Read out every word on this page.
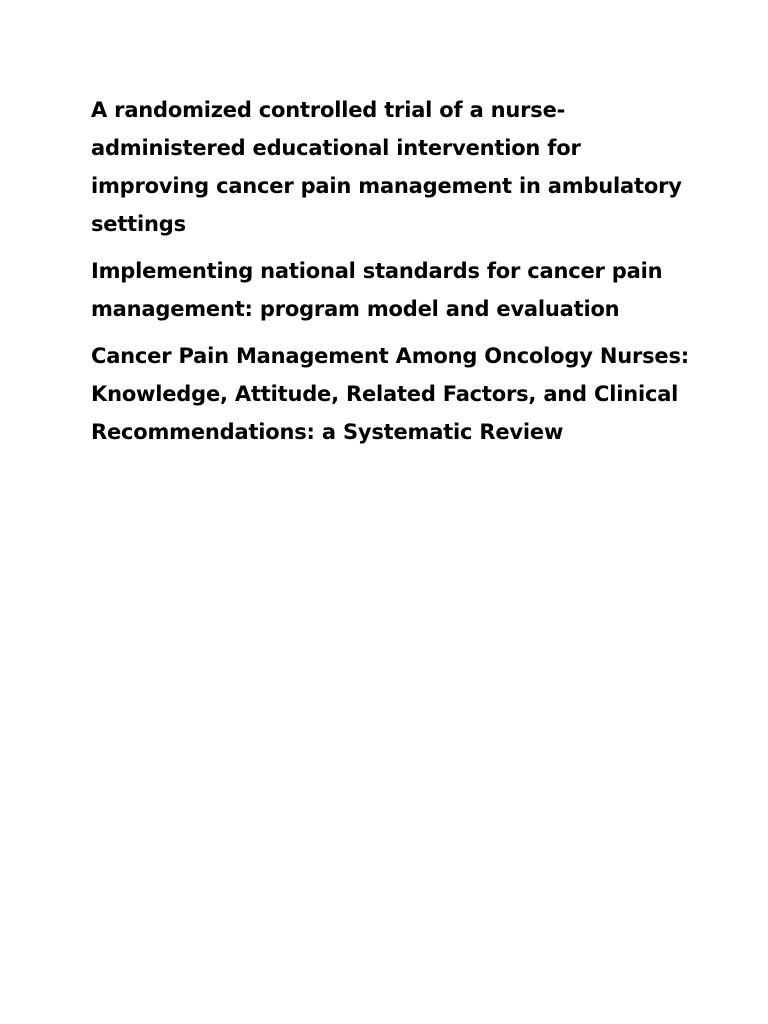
A randomized controlled trial of a nurse-administered educational intervention for improving cancer pain management in ambulatory settings

Implementing national standards for cancer pain management: program model and evaluation

Cancer Pain Management Among Oncology Nurses: Knowledge, Attitude, Related Factors, and Clinical Recommendations: a Systematic Review
